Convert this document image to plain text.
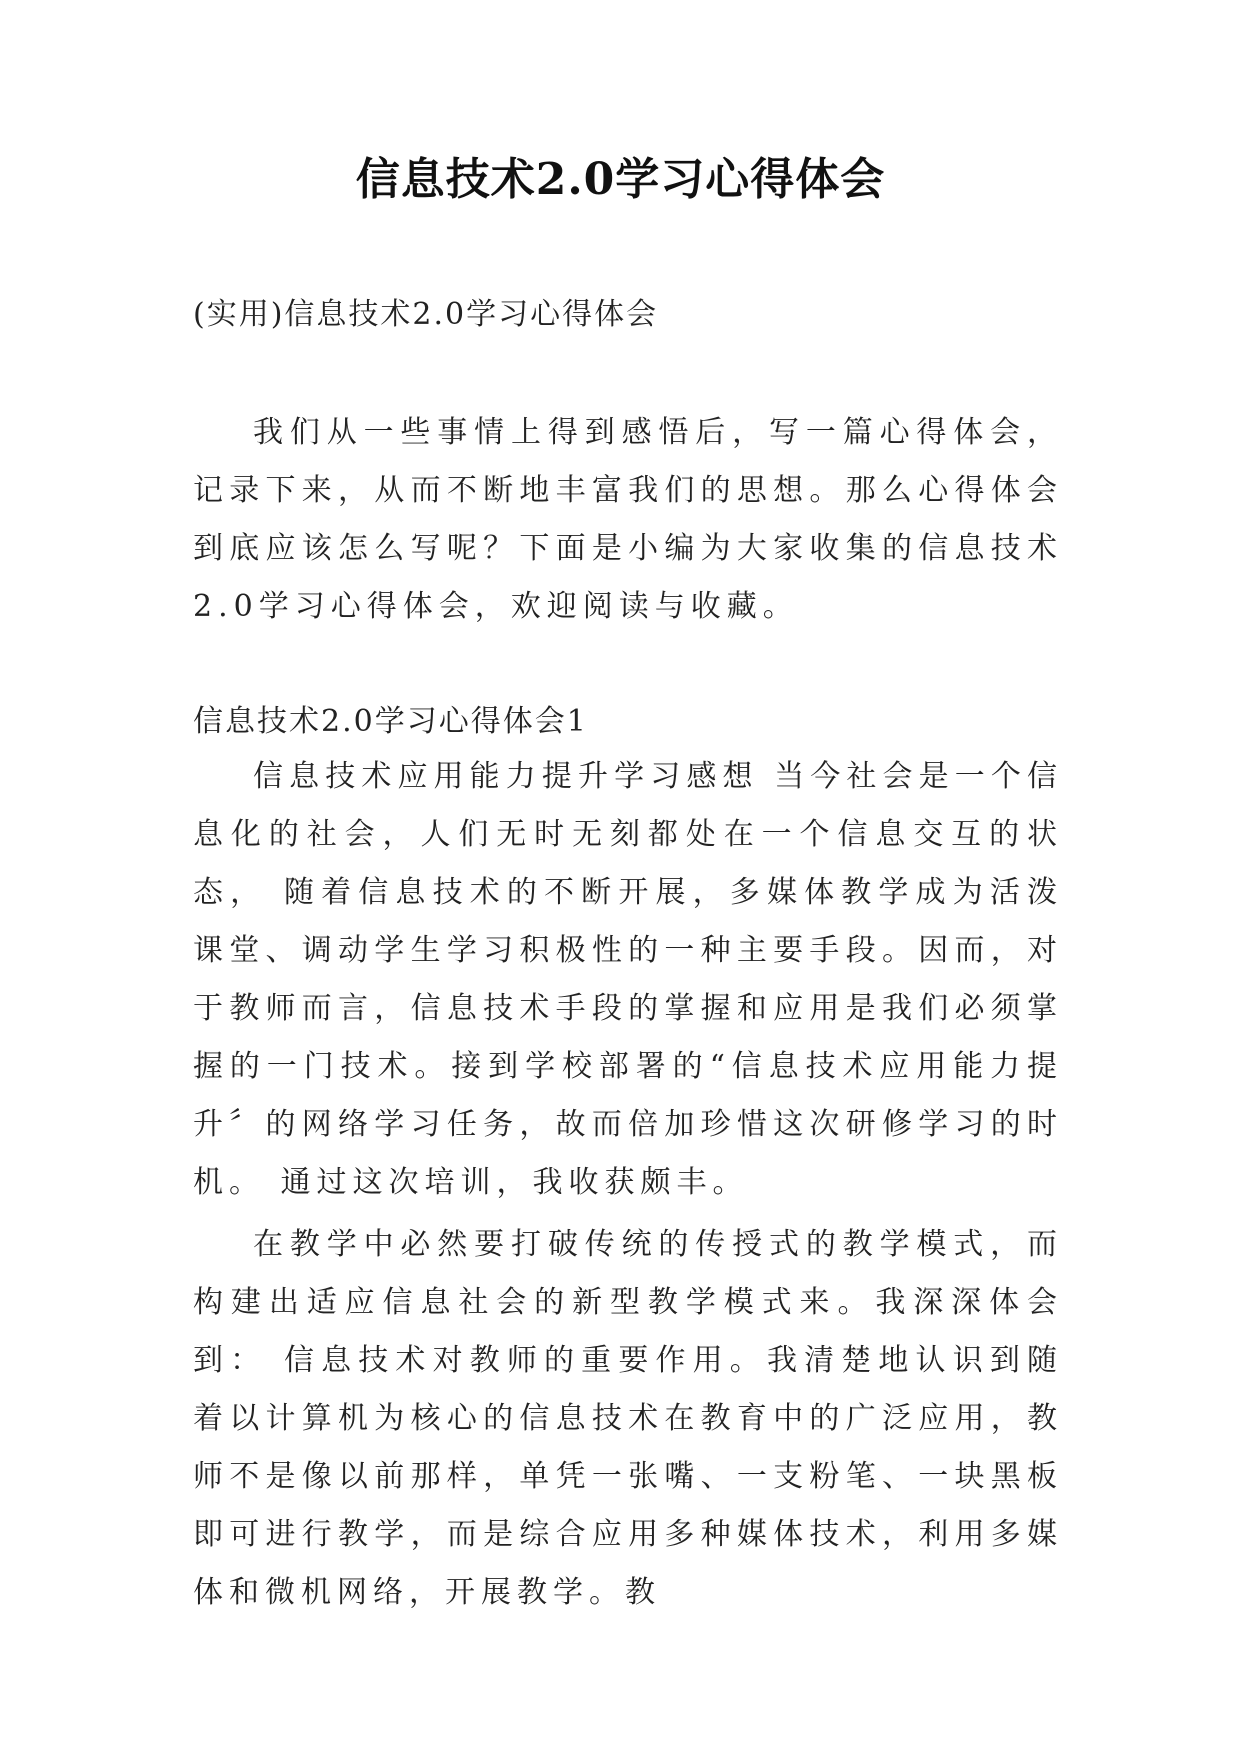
信息技术2.0学习心得体会
(实用)信息技术2.0学习心得体会

我们从一些事情上得到感悟后，写一篇心得体会，记录下来，从而不断地丰富我们的思想。那么心得体会到底应该怎么写呢？下面是小编为大家收集的信息技术2.0学习心得体会，欢迎阅读与收藏。

信息技术2.0学习心得体会1

信息技术应用能力提升学习感想 当今社会是一个信息化的社会，人们无时无刻都处在一个信息交互的状态， 随着信息技术的不断开展，多媒体教学成为活泼课堂、调动学生学习积极性的一种主要手段。因而，对于教师而言，信息技术手段的掌握和应用是我们必须掌握的一门技术。接到学校部署的“信息技术应用能力提升〞的网络学习任务，故而倍加珍惜这次研修学习的时机。 通过这次培训，我收获颇丰。

在教学中必然要打破传统的传授式的教学模式，而构建出适应信息社会的新型教学模式来。我深深体会到： 信息技术对教师的重要作用。我清楚地认识到随着以计算机为核心的信息技术在教育中的广泛应用，教师不是像以前那样，单凭一张嘴、一支粉笔、一块黑板即可进行教学，而是综合应用多种媒体技术，利用多媒体和微机网络，开展教学。教
